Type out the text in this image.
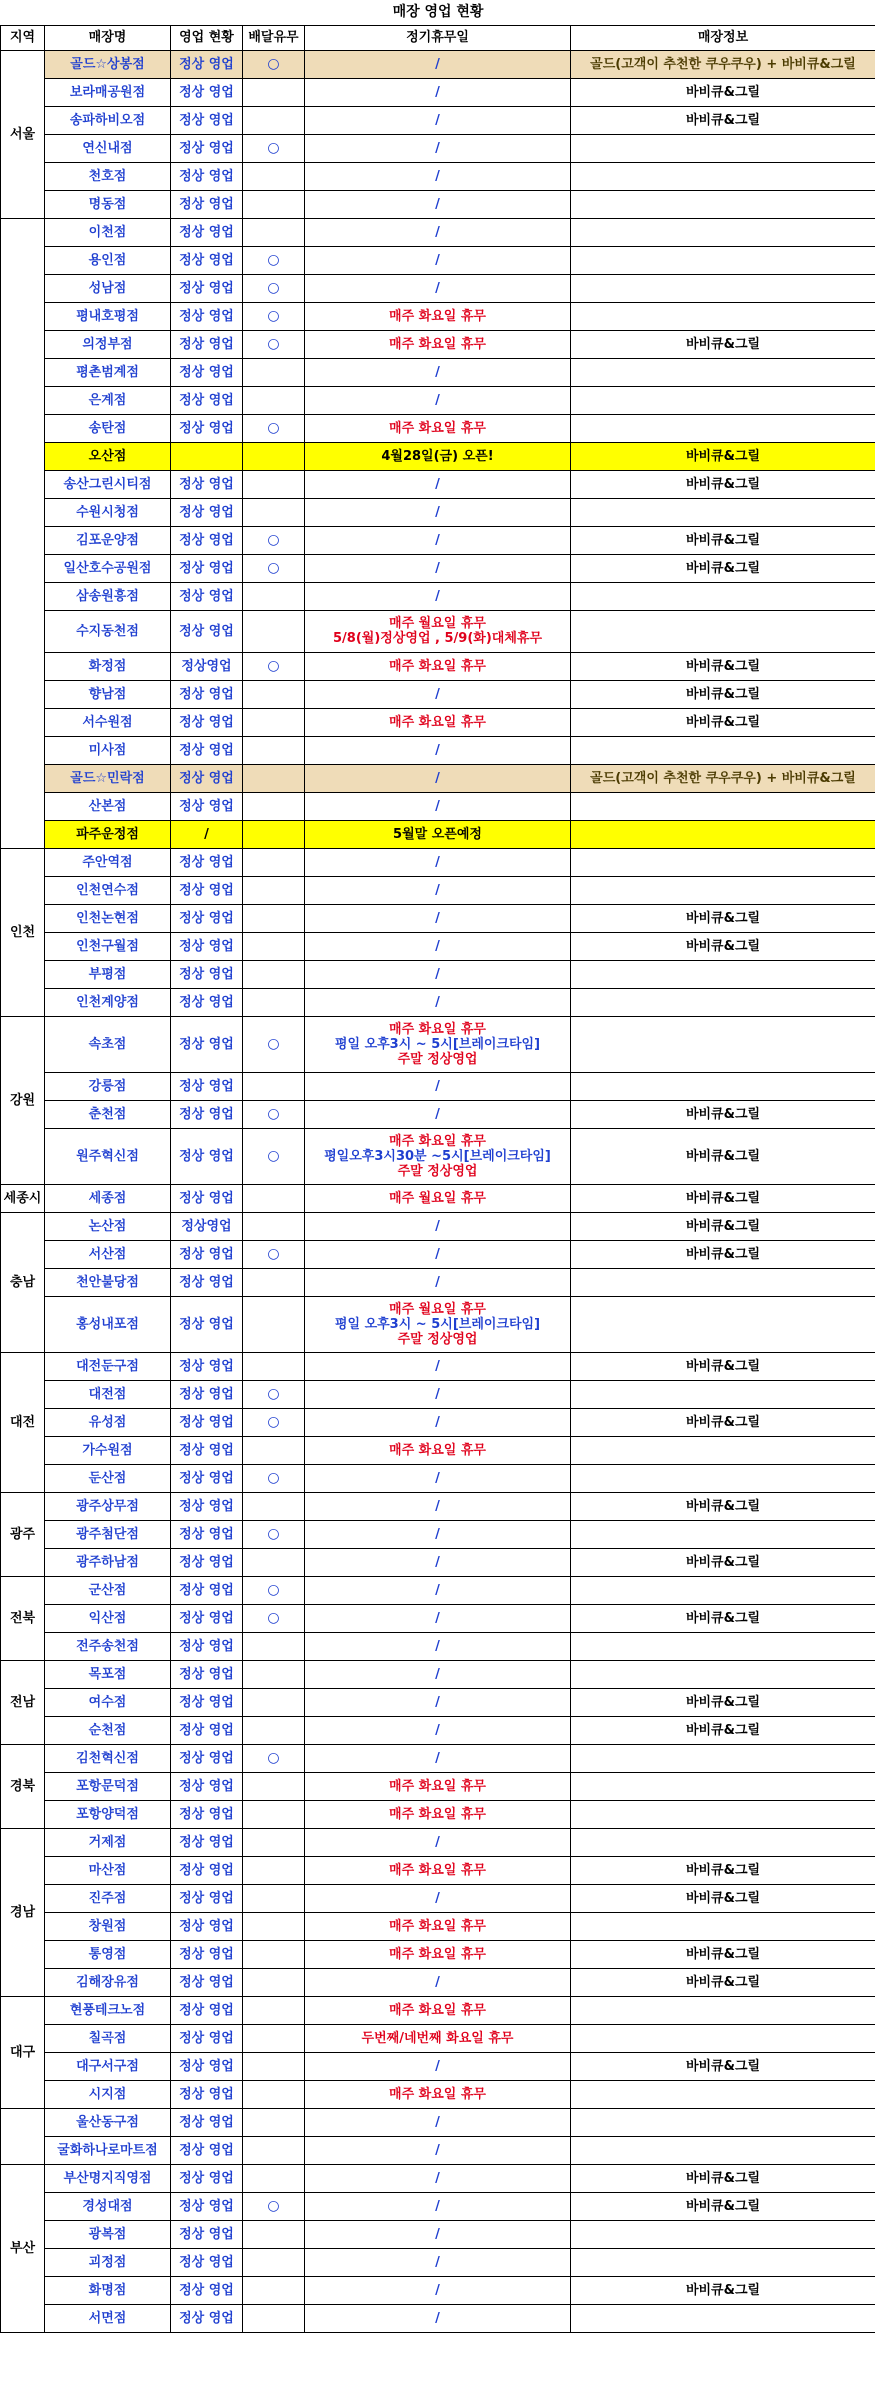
매장 영업 현황					
지역	매장명	영업 현황	배달유무	정기휴무일	매장정보
서울	골드☆상봉점	정상 영업	○	/	골드(고객이 추천한 쿠우쿠우) + 바비큐&그릴
	보라매공원점	정상 영업		/	바비큐&그릴
	송파하비오점	정상 영업		/	바비큐&그릴
	연신내점	정상 영업	○	/	

	천호점	정상 영업		/	

	명동점	정상 영업		/	

	이천점	정상 영업		/	

	용인점	정상 영업	○	/	

	성남점	정상 영업	○	/	

	평내호평점	정상 영업	○	매주 화요일 휴무	

	의정부점	정상 영업	○	매주 화요일 휴무	바비큐&그릴
	평촌범계점	정상 영업		/	

	은계점	정상 영업		/	

	송탄점	정상 영업	○	매주 화요일 휴무	

	오산점			4월28일(금) 오픈!	바비큐&그릴
	송산그린시티점	정상 영업		/	바비큐&그릴
	수원시청점	정상 영업		/	

	김포운양점	정상 영업	○	/	바비큐&그릴
	일산호수공원점	정상 영업	○	/	바비큐&그릴
	삼송원흥점	정상 영업		/	

	수지동천점	정상 영업		매주 월요일 휴무
5/8(월)정상영업 , 5/9(화)대체휴무	

	화정점	정상영업	○	매주 화요일 휴무	바비큐&그릴
	향남점	정상 영업		/	바비큐&그릴
	서수원점	정상 영업		매주 화요일 휴무	바비큐&그릴
	미사점	정상 영업		/	

	골드☆민락점	정상 영업		/	골드(고객이 추천한 쿠우쿠우) + 바비큐&그릴
	산본점	정상 영업		/	

	파주운정점	/		5월말 오픈예정	

인천	주안역점	정상 영업		/	

	인천연수점	정상 영업		/	

	인천논현점	정상 영업		/	바비큐&그릴
	인천구월점	정상 영업		/	바비큐&그릴
	부평점	정상 영업		/	

	인천계양점	정상 영업		/	

강원	속초점	정상 영업	○	매주 화요일 휴무
평일 오후3시 ~ 5시[브레이크타임]
주말 정상영업	

	강릉점	정상 영업		/	

	춘천점	정상 영업	○	/	바비큐&그릴
	원주혁신점	정상 영업	○	매주 화요일 휴무
평일오후3시30분 ~5시[브레이크타임]
주말 정상영업	바비큐&그릴
세종시	세종점	정상 영업		매주 월요일 휴무	바비큐&그릴
충남	논산점	정상영업		/	바비큐&그릴
	서산점	정상 영업	○	/	바비큐&그릴
	천안불당점	정상 영업		/	

	홍성내포점	정상 영업		매주 월요일 휴무
평일 오후3시 ~ 5시[브레이크타임]
주말 정상영업	

대전	대전둔구점	정상 영업		/	바비큐&그릴
	대전점	정상 영업	○	/	

	유성점	정상 영업	○	/	바비큐&그릴
	가수원점	정상 영업		매주 화요일 휴무	

	둔산점	정상 영업	○	/	

광주	광주상무점	정상 영업		/	바비큐&그릴
	광주첨단점	정상 영업	○	/	

	광주하남점	정상 영업		/	바비큐&그릴
전북	군산점	정상 영업	○	/	

	익산점	정상 영업	○	/	바비큐&그릴
	전주송천점	정상 영업		/	

전남	목포점	정상 영업		/	

	여수점	정상 영업		/	바비큐&그릴
	순천점	정상 영업		/	바비큐&그릴
경북	김천혁신점	정상 영업	○	/	

	포항문덕점	정상 영업		매주 화요일 휴무	

	포항양덕점	정상 영업		매주 화요일 휴무	

경남	거제점	정상 영업		/	

	마산점	정상 영업		매주 화요일 휴무	바비큐&그릴
	진주점	정상 영업		/	바비큐&그릴
	창원점	정상 영업		매주 화요일 휴무	

	통영점	정상 영업		매주 화요일 휴무	바비큐&그릴
	김해장유점	정상 영업		/	바비큐&그릴
대구	현풍테크노점	정상 영업		매주 화요일 휴무	

	칠곡점	정상 영업		두번째/네번째 화요일 휴무	

	대구서구점	정상 영업		/	바비큐&그릴
	시지점	정상 영업		매주 화요일 휴무	

	울산동구점	정상 영업		/	

	굴화하나로마트점	정상 영업		/	

부산	부산명지직영점	정상 영업		/	바비큐&그릴
	경성대점	정상 영업	○	/	바비큐&그릴
	광복점	정상 영업		/	

	괴정점	정상 영업		/	

	화명점	정상 영업		/	바비큐&그릴
	서면점	정상 영업		/	
